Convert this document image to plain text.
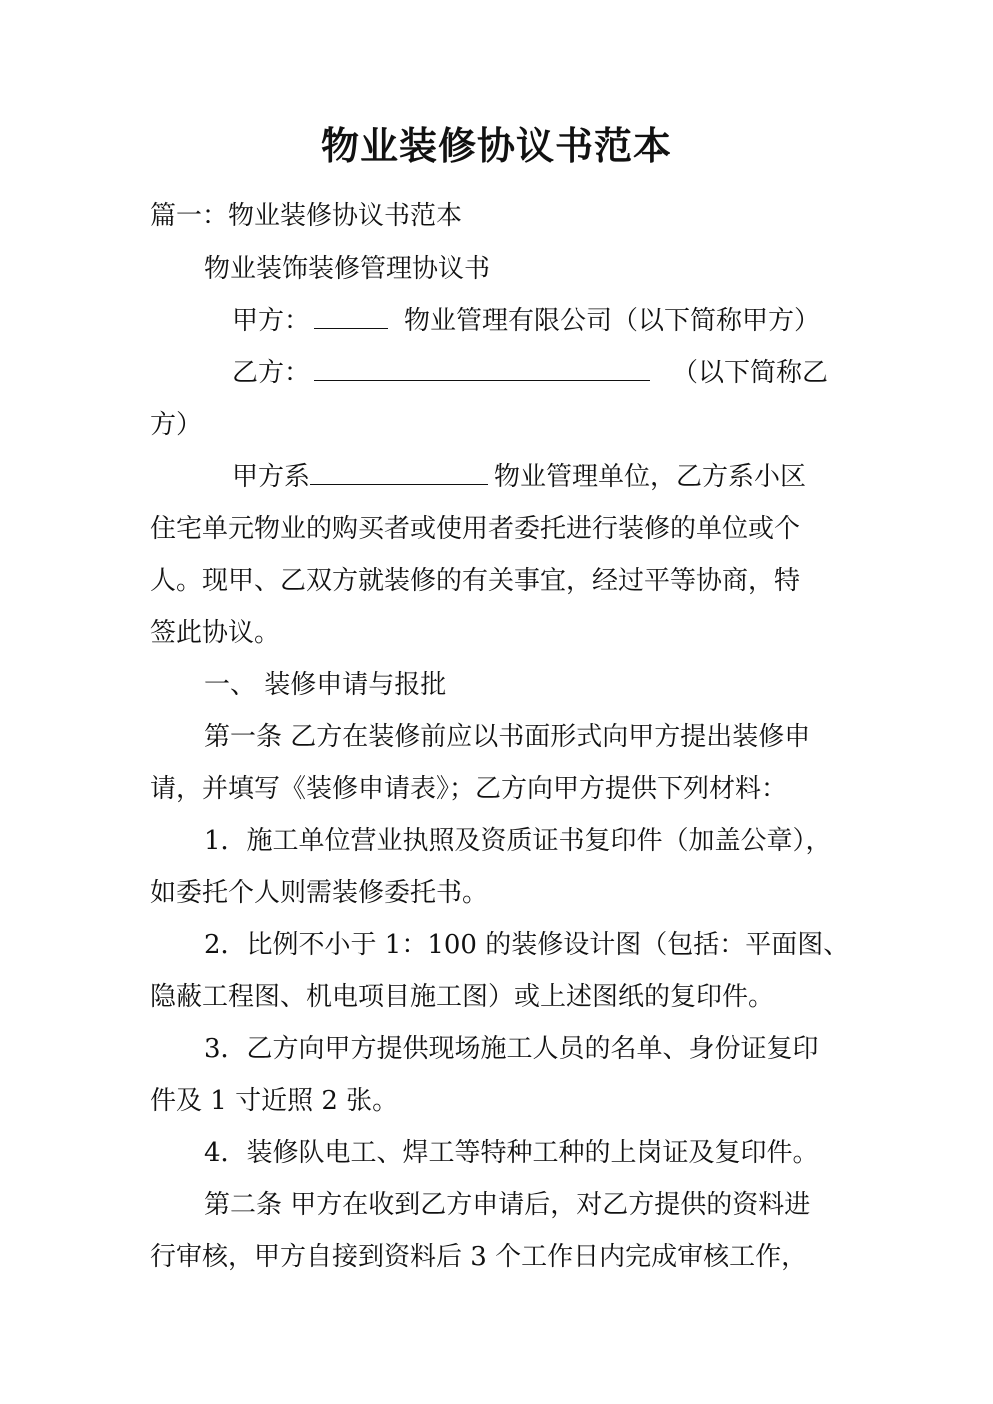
物业装修协议书范本
篇一：物业装修协议书范本
物业装饰装修管理协议书
甲方：	物业管理有限公司（以下简称甲方）
乙方：	（以下简称乙
方）
甲方系	物业管理单位，乙方系小区
住宅单元物业的购买者或使用者委托进行装修的单位或个
人。现甲、乙双方就装修的有关事宜，经过平等协商，特
签此协议。
一、 装修申请与报批
第一条 乙方在装修前应以书面形式向甲方提出装修申
请，并填写《装修申请表》；乙方向甲方提供下列材料：
1．施工单位营业执照及资质证书复印件（加盖公章），
如委托个人则需装修委托书。
2．比例不小于 1：100 的装修设计图（包括：平面图、
隐蔽工程图、机电项目施工图）或上述图纸的复印件。
3．乙方向甲方提供现场施工人员的名单、身份证复印
件及 1 寸近照 2 张。
4．装修队电工、焊工等特种工种的上岗证及复印件。
第二条 甲方在收到乙方申请后，对乙方提供的资料进
行审核，甲方自接到资料后 3 个工作日内完成审核工作，
